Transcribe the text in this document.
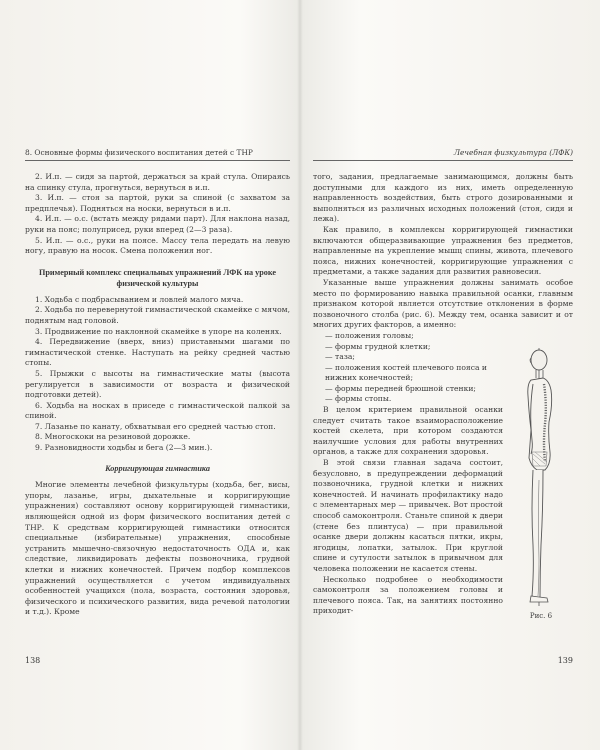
8. Основные формы физического воспитания детей с ТНР
2. И.п. — сидя за партой, держаться за край стула. Опираясь на спинку стула, прогнуться, вернуться в и.п.
3. И.п. — стоя за партой, руки за спиной (с захватом за предплечья). Подняться на носки, вернуться в и.п.
4. И.п. — о.с. (встать между рядами парт). Для наклона назад, руки на пояс; полуприсед, руки вперед (2—3 раза).
5. И.п. — о.с., руки на поясе. Массу тела передать на левую ногу, правую на носок. Смена положения ног.
Примерный комплекс специальных упражнений ЛФК на уроке физической культуры
1. Ходьба с подбрасыванием и ловлей малого мяча.
2. Ходьба по перевернутой гимнастической скамейке с мячом, поднятым над головой.
3. Продвижение по наклонной скамейке в упоре на коленях.
4. Передвижение (вверх, вниз) приставными шагами по гимнастической стенке. Наступать на рейку средней частью стопы.
5. Прыжки с высоты на гимнастические маты (высота регулируется в зависимости от возраста и физической подготовки детей).
6. Ходьба на носках в приседе с гимнастической палкой за спиной.
7. Лазанье по канату, обхватывая его средней частью стоп.
8. Многоскоки на резиновой дорожке.
9. Разновидности ходьбы и бега (2—3 мин.).
Корригирующая гимнастика

Многие элементы лечебной физкультуры (ходьба, бег, висы, упоры, лазанье, игры, дыхательные и корригирующие упражнения) составляют основу корригирующей гимнастики, являющейся одной из форм физического воспитания детей с ТНР. К средствам корригирующей гимнастики относятся специальные (избирательные) упражнения, способные устранить мышечно-связочную недостаточность ОДА и, как следствие, ликвидировать дефекты позвоночника, грудной клетки и нижних конечностей. Причем подбор комплексов упражнений осуществляется с учетом индивидуальных особенностей учащихся (пола, возраста, состояния здоровья, физического и психического развития, вида речевой патологии и т.д.). Кроме

138
Лечебная физкультура (ЛФК)

того, задания, предлагаемые занимающимся, должны быть доступными для каждого из них, иметь определенную направленность воздействия, быть строго дозированными и выполняться из различных исходных положений (стоя, сидя и лежа).

Как правило, в комплексы корригирующей гимнастики включаются общеразвивающие упражнения без предметов, направленные на укрепление мышц спины, живота, плечевого пояса, нижних конечностей, корригирующие упражнения с предметами, а также задания для развития равновесия.

Указанные выше упражнения должны занимать особое место по формированию навыка правильной осанки, главным признаком которой является отсутствие отклонения в форме позвоночного столба (рис. 6). Между тем, осанка зависит и от многих других факторов, а именно:

— положения головы;
— формы грудной клетки;
— таза;
— положения костей плечевого пояса и нижних конечностей;
— формы передней брюшной стенки;
— формы стопы.

В целом критерием правильной осанки следует считать такое взаиморасположение костей скелета, при котором создаются наилучшие условия для работы внутренних органов, а также для сохранения здоровья.

В этой связи главная задача состоит, безусловно, в предупреждении деформаций позвоночника, грудной клетки и нижних конечностей. И начинать профилактику надо с элементарных мер — привычек. Вот простой способ самоконтроля. Станьте спиной к двери (стене без плинтуса) — при правильной осанке двери должны касаться пятки, икры, ягодицы, лопатки, затылок. При круглой спине и сутулости затылок в привычном для человека положении не касается стены.

Несколько подробнее о необходимости самоконтроля за положением головы и плечевого пояса. Так, на занятиях постоянно приходит-

Рис. 6
139
